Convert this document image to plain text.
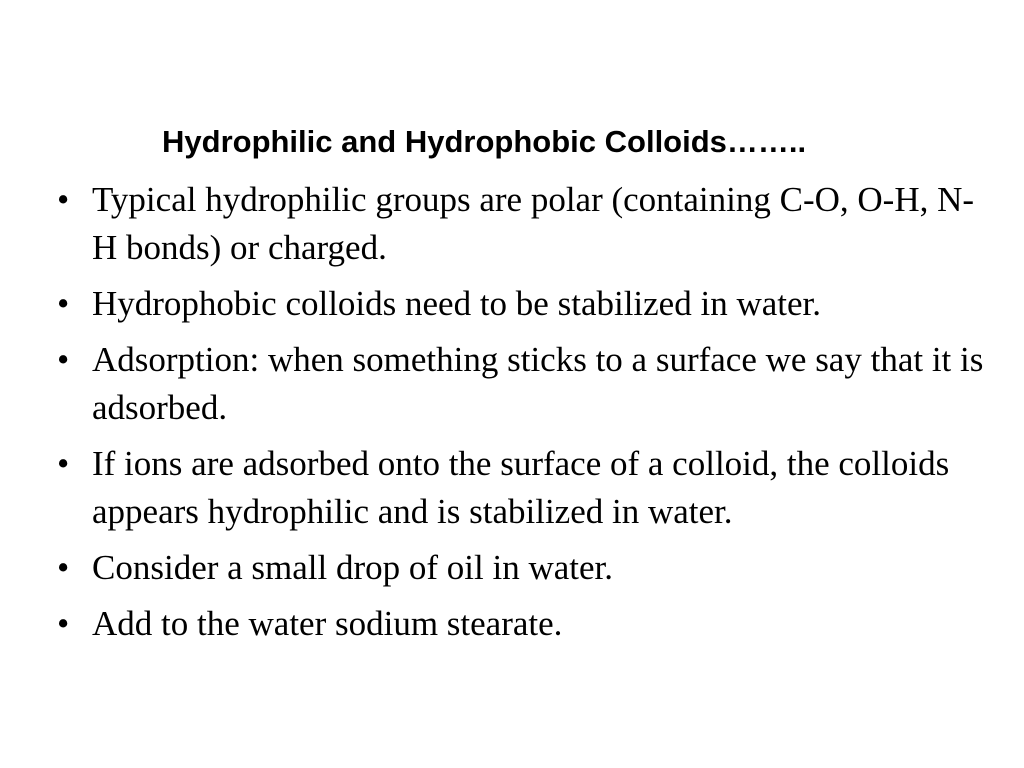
Hydrophilic and Hydrophobic Colloids……..
• Typical hydrophilic groups are polar (containing C-O, O-H, N-H bonds) or charged.
• Hydrophobic colloids need to be stabilized in water.
• Adsorption: when something sticks to a surface we say that it is adsorbed.
• If ions are adsorbed onto the surface of a colloid, the colloids appears hydrophilic and is stabilized in water.
• Consider a small drop of oil in water.
• Add to the water sodium stearate.
